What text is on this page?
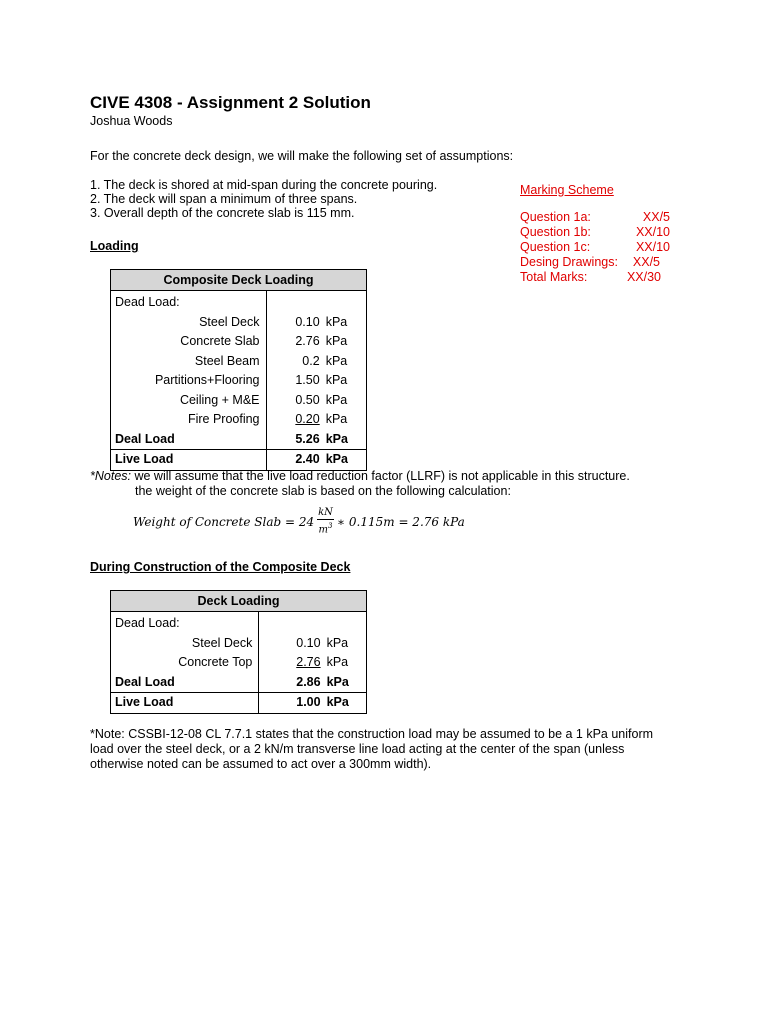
CIVE 4308 - Assignment 2 Solution
Joshua Woods
For the concrete deck design, we will make the following set of assumptions:
1. The deck is shored at mid-span during the concrete pouring.
2. The deck will span a minimum of three spans.
3. Overall depth of the concrete slab is 115 mm.
Marking Scheme
Question 1a:	XX/5
Question 1b:	XX/10
Question 1c:	XX/10
Desing Drawings: XX/5
Total Marks:	XX/30
Loading
Composite Deck Loading		
Dead Load:		
Steel Deck	0.10	kPa
Concrete Slab	2.76	kPa
Steel Beam	0.2	kPa
Partitions+Flooring	1.50	kPa
Ceiling + M&E	0.50	kPa
Fire Proofing	0.20	kPa
Deal Load	5.26	kPa
Live Load	2.40	kPa
*Notes: we will assume that the live load reduction factor (LLRF) is not applicable in this structure.
the weight of the concrete slab is based on the following calculation:
Weight of Concrete Slab = $24 \frac{kN}{m^3}$ ∗ 0.115m = 2.76 kPa
During Construction of the Composite Deck
Deck Loading		
Dead Load:		
Steel Deck	0.10	kPa
Concrete Top	2.76	kPa
Deal Load	2.86	kPa
Live Load	1.00	kPa
*Note: CSSBI-12-08 CL 7.7.1 states that the construction load may be assumed to be a 1 kPa uniform
load over the steel deck, or a 2 kN/m transverse line load acting at the center of the span (unless
otherwise noted can be assumed to act over a 300mm width).
